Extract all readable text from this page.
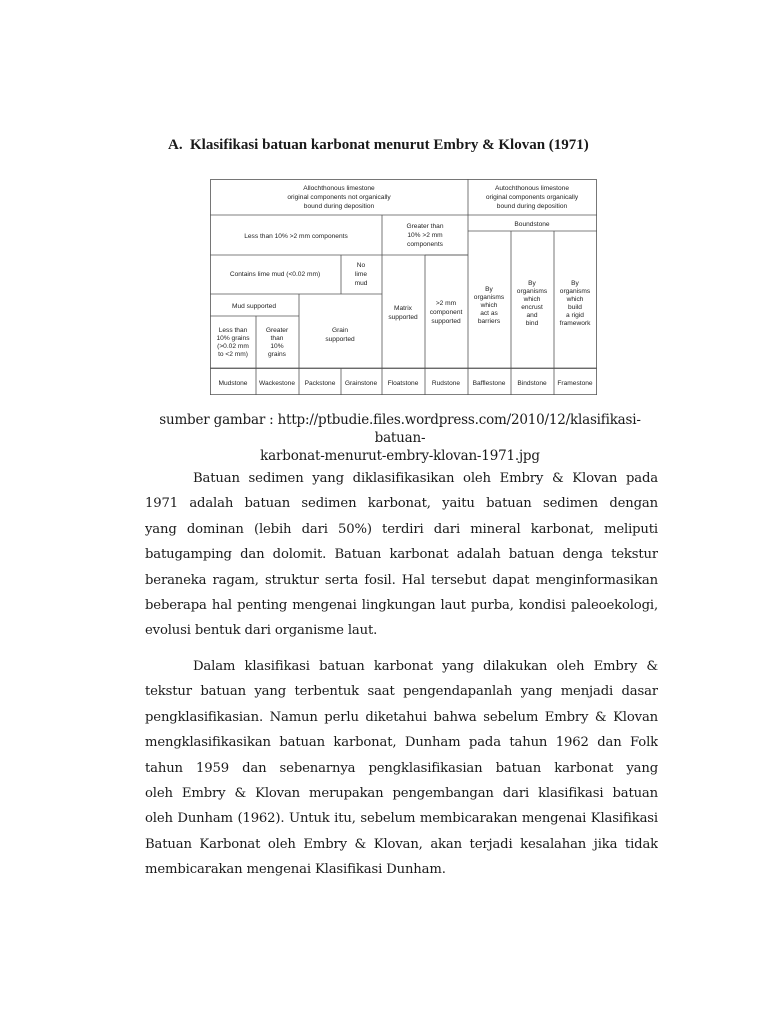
A. Klasifikasi batuan karbonat menurut Embry & Klovan (1971)
Allochthonous limestone
original components not organically
bound during deposition
Autochthonous limestone
original components organically
bound during deposition
Less than 10% >2 mm components
Greater than
10% >2 mm
components
Boundstone
Contains lime mud (<0.02 mm)
No
lime
mud
Matrix
supported
>2 mm
component
supported
By
organisms
which
act as
barriers
By
organisms
which
encrust
and
bind
By
organisms
which
build
a rigid
framework
Mud supported
Grain
supported
Less than
10% grains
(>0.02 mm
to <2 mm)
Greater
than
10%
grains
Mudstone Wackestone Packstone Grainstone Floatstone Rudstone Bafflestone Bindstone Framestone
sumber gambar : http://ptbudie.files.wordpress.com/2010/12/klasifikasi-batuan-
karbonat-menurut-embry-klovan-1971.jpg
Batuan sedimen yang diklasifikasikan oleh Embry & Klovan pada
1971 adalah batuan sedimen karbonat, yaitu batuan sedimen dengan
yang dominan (lebih dari 50%) terdiri dari mineral karbonat, meliputi
batugamping dan dolomit. Batuan karbonat adalah batuan denga tekstur
beraneka ragam, struktur serta fosil. Hal tersebut dapat menginformasikan
beberapa hal penting mengenai lingkungan laut purba, kondisi paleoekologi,
evolusi bentuk dari organisme laut.
Dalam klasifikasi batuan karbonat yang dilakukan oleh Embry &
tekstur batuan yang terbentuk saat pengendapanlah yang menjadi dasar
pengklasifikasian. Namun perlu diketahui bahwa sebelum Embry & Klovan
mengklasifikasikan batuan karbonat, Dunham pada tahun 1962 dan Folk
tahun 1959 dan sebenarnya pengklasifikasian batuan karbonat yang
oleh Embry & Klovan merupakan pengembangan dari klasifikasi batuan
oleh Dunham (1962). Untuk itu, sebelum membicarakan mengenai Klasifikasi
Batuan Karbonat oleh Embry & Klovan, akan terjadi kesalahan jika tidak
membicarakan mengenai Klasifikasi Dunham.
